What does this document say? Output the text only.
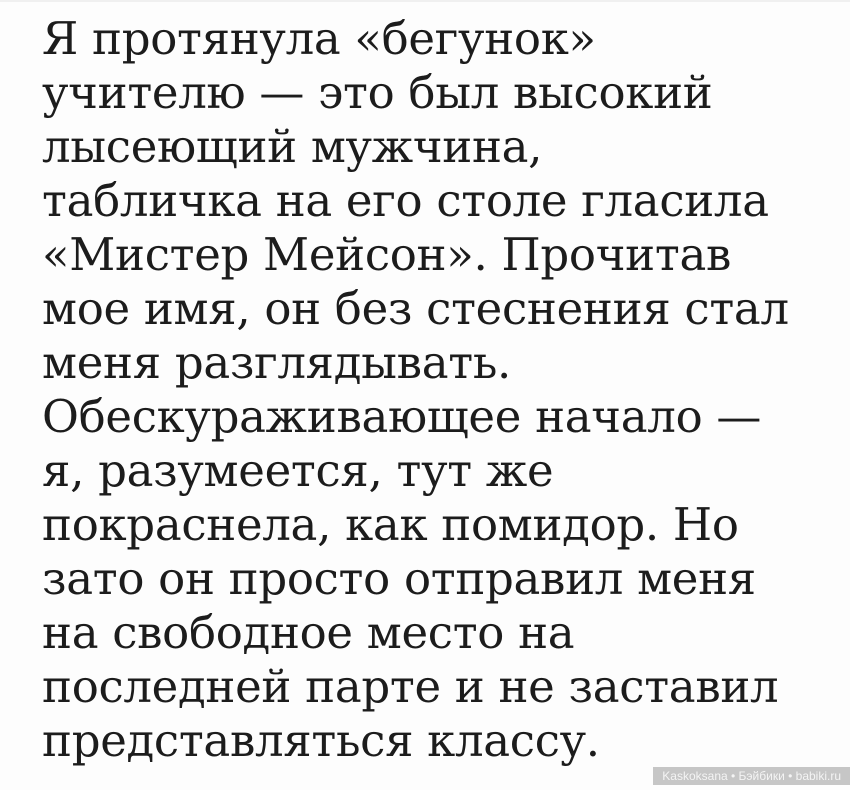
Я протянула «бегунок»
учителю — это был высокий
лысеющий мужчина,
табличка на его столе гласила
«Мистер Мейсон». Прочитав
мое имя, он без стеснения стал
меня разглядывать.
Обескураживающее начало —
я, разумеется, тут же
покраснела, как помидор. Но
зато он просто отправил меня
на свободное место на
последней парте и не заставил
представляться классу.
Kaskoksana • Бэйбики • babiki.ru
